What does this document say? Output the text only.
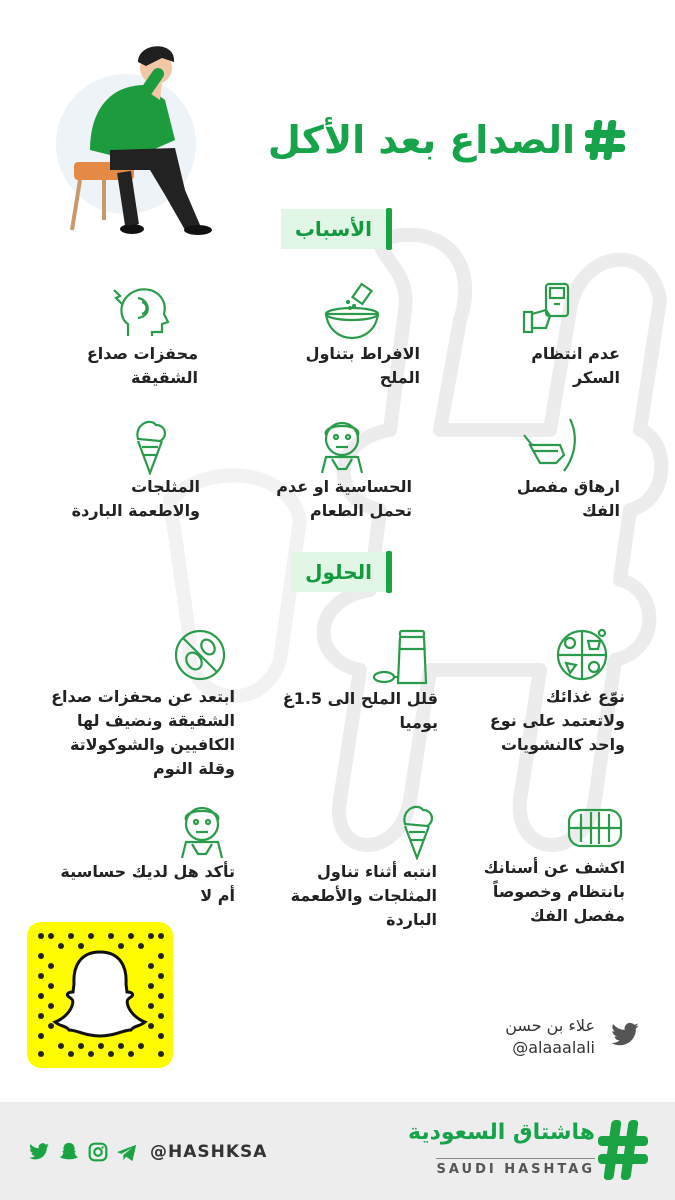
الصداع بعد الأكل
الأسباب
عدم انتظام
السكر
الافراط بتناول
الملح
محفزات صداع
الشقيقة
ارهاق مفصل
الفك
الحساسية او عدم
تحمل الطعام
المثلجات
والاطعمة الباردة
الحلول
نوّع غذائك
ولاتعتمد على نوع
واحد كالنشويات
قلل الملح الى 1.5غ
يوميا
ابتعد عن محفزات صداع
الشقيقة ونضيف لها
الكافيين والشوكولاتة
وقلة النوم
اكشف عن أسنانك
بانتظام وخصوصاً
مفصل الفك
انتبه أثناء تناول
المثلجات والأطعمة
الباردة
تأكد هل لديك حساسية
أم لا
علاء بن حسن
@alaaalali
هاشتاق السعودية
SAUDI HASHTAG
@HASHKSA
